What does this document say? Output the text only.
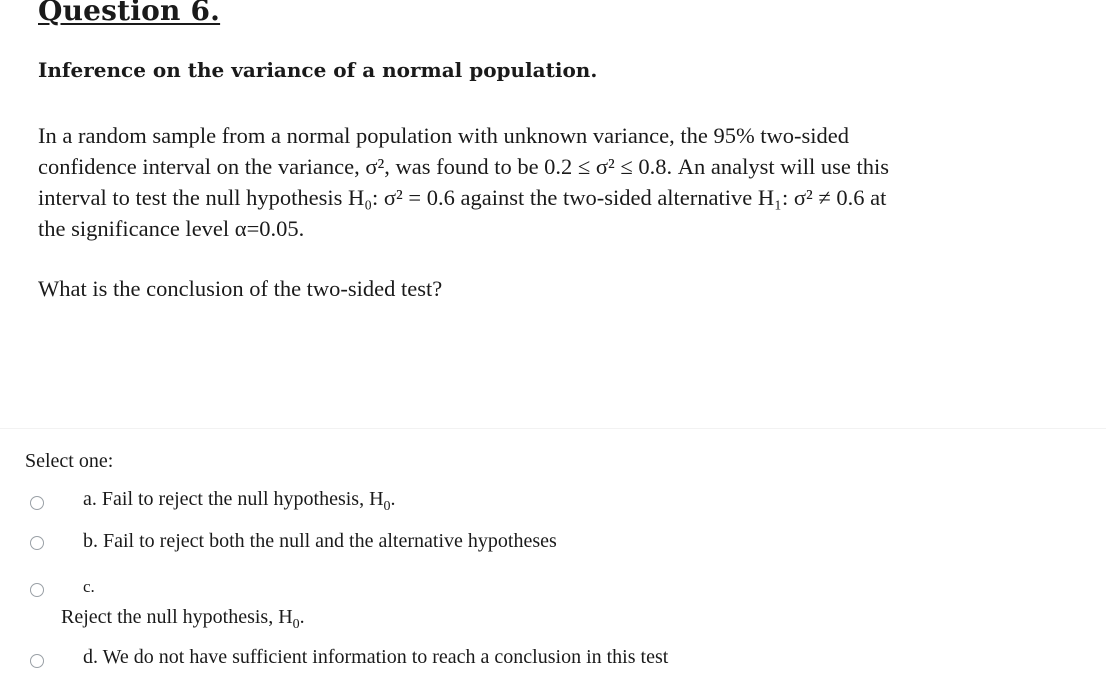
Question 6.
Inference on the variance of a normal population.
In a random sample from a normal population with unknown variance, the 95% two-sided
confidence interval on the variance, σ², was found to be 0.2 ≤ σ² ≤ 0.8. An analyst will use this
interval to test the null hypothesis H₀: σ² = 0.6 against the two-sided alternative H₁: σ² ≠ 0.6 at
the significance level α=0.05.
What is the conclusion of the two-sided test?
Select one:
a. Fail to reject the null hypothesis, $H_0$.
b. Fail to reject both the null and the alternative hypotheses
c.
Reject the null hypothesis, $H_0$.
d. We do not have sufficient information to reach a conclusion in this test
